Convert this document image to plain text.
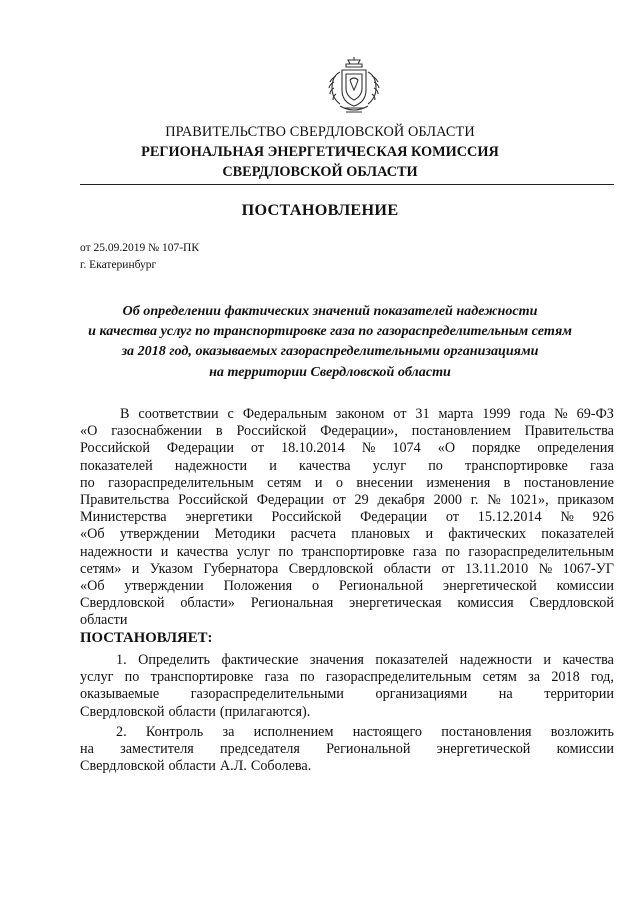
ПРАВИТЕЛЬСТВО СВЕРДЛОВСКОЙ ОБЛАСТИ
РЕГИОНАЛЬНАЯ ЭНЕРГЕТИЧЕСКАЯ КОМИССИЯ
СВЕРДЛОВСКОЙ ОБЛАСТИ
ПОСТАНОВЛЕНИЕ
от 25.09.2019 № 107-ПК
г. Екатеринбург
Об определении фактических значений показателей надежности
и качества услуг по транспортировке газа по газораспределительным сетям
за 2018 год, оказываемых газораспределительными организациями
на территории Свердловской области
В соответствии с Федеральным законом от 31 марта 1999 года № 69-ФЗ
«О газоснабжении в Российской Федерации», постановлением Правительства
Российской Федерации от 18.10.2014 № 1074 «О порядке определения
показателей надежности и качества услуг по транспортировке газа
по газораспределительным сетям и о внесении изменения в постановление
Правительства Российской Федерации от 29 декабря 2000 г. № 1021», приказом
Министерства энергетики Российской Федерации от 15.12.2014 № 926
«Об утверждении Методики расчета плановых и фактических показателей
надежности и качества услуг по транспортировке газа по газораспределительным
сетям» и Указом Губернатора Свердловской области от 13.11.2010 № 1067-УГ
«Об утверждении Положения о Региональной энергетической комиссии
Свердловской области» Региональная энергетическая комиссия Свердловской
области
ПОСТАНОВЛЯЕТ:
1. Определить фактические значения показателей надежности и качества
услуг по транспортировке газа по газораспределительным сетям за 2018 год,
оказываемые газораспределительными организациями на территории
Свердловской области (прилагаются).
2. Контроль за исполнением настоящего постановления возложить
на заместителя председателя Региональной энергетической комиссии
Свердловской области А.Л. Соболева.
